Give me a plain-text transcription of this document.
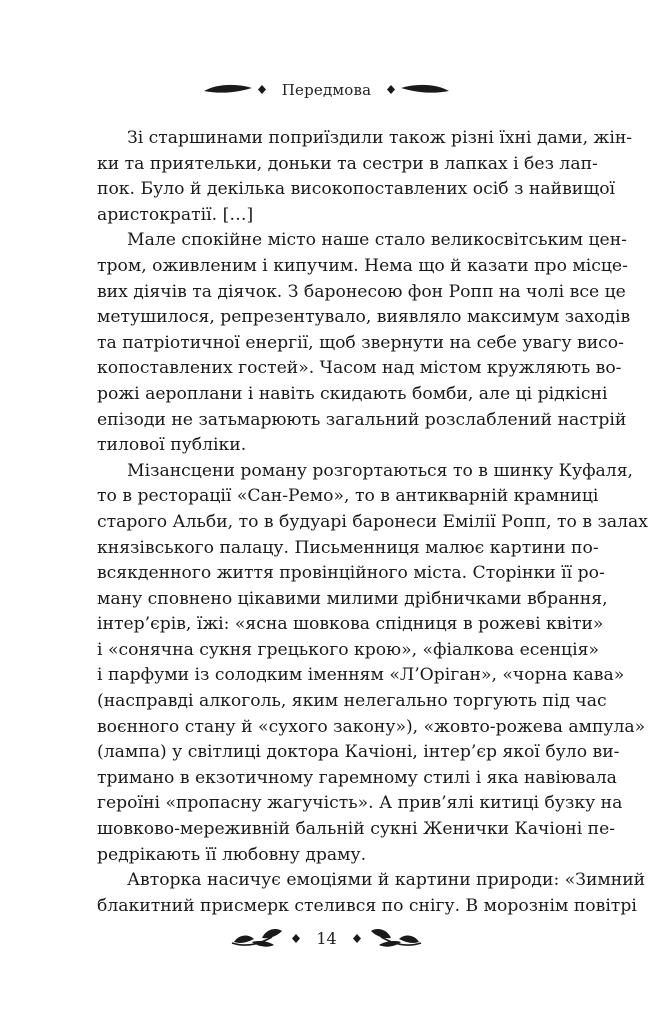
Передмова
Зі старшинами поприїздили також різні їхні дами, жін-
ки та приятельки, доньки та сестри в лапках і без лап-
пок. Було й декілька високопоставлених осіб з найвищої
аристократії. […]
Мале спокійне місто наше стало великосвітським цен-
тром, оживленим і кипучим. Нема що й казати про місце-
вих діячів та діячок. З баронесою фон Ропп на чолі все це
метушилося, репрезентувало, виявляло максимум заходів
та патріотичної енергії, щоб звернути на себе увагу висо-
копоставлених гостей». Часом над містом кружляють во-
рожі аероплани і навіть скидають бомби, але ці рідкісні
епізоди не затьмарюють загальний розслаблений настрій
тилової публіки.
Мізансцени роману розгортаються то в шинку Куфаля,
то в ресторації «Сан-Ремо», то в антикварній крамниці
старого Альби, то в будуарі баронеси Емілії Ропп, то в залах
князівського палацу. Письменниця малює картини по-
всякденного життя провінційного міста. Сторінки її ро-
ману сповнено цікавими милими дрібничками вбрання,
інтер’єрів, їжі: «ясна шовкова спідниця в рожеві квіти»
і «сонячна сукня грецького крою», «фіалкова есенція»
і парфуми із солодким іменням «Л’Оріган», «чорна кава»
(насправді алкоголь, яким нелегально торгують під час
воєнного стану й «сухого закону»), «жовто-рожева ампула»
(лампа) у світлиці доктора Качіоні, інтер’єр якої було ви-
тримано в екзотичному гаремному стилі і яка навіювала
героїні «пропасну жагучість». А прив’ялі китиці бузку на
шовково-мереживній бальній сукні Женички Качіоні пе-
редрікають її любовну драму.
Авторка насичує емоціями й картини природи: «Зимний
блакитний присмерк стелився по снігу. В морознім повітрі
14
